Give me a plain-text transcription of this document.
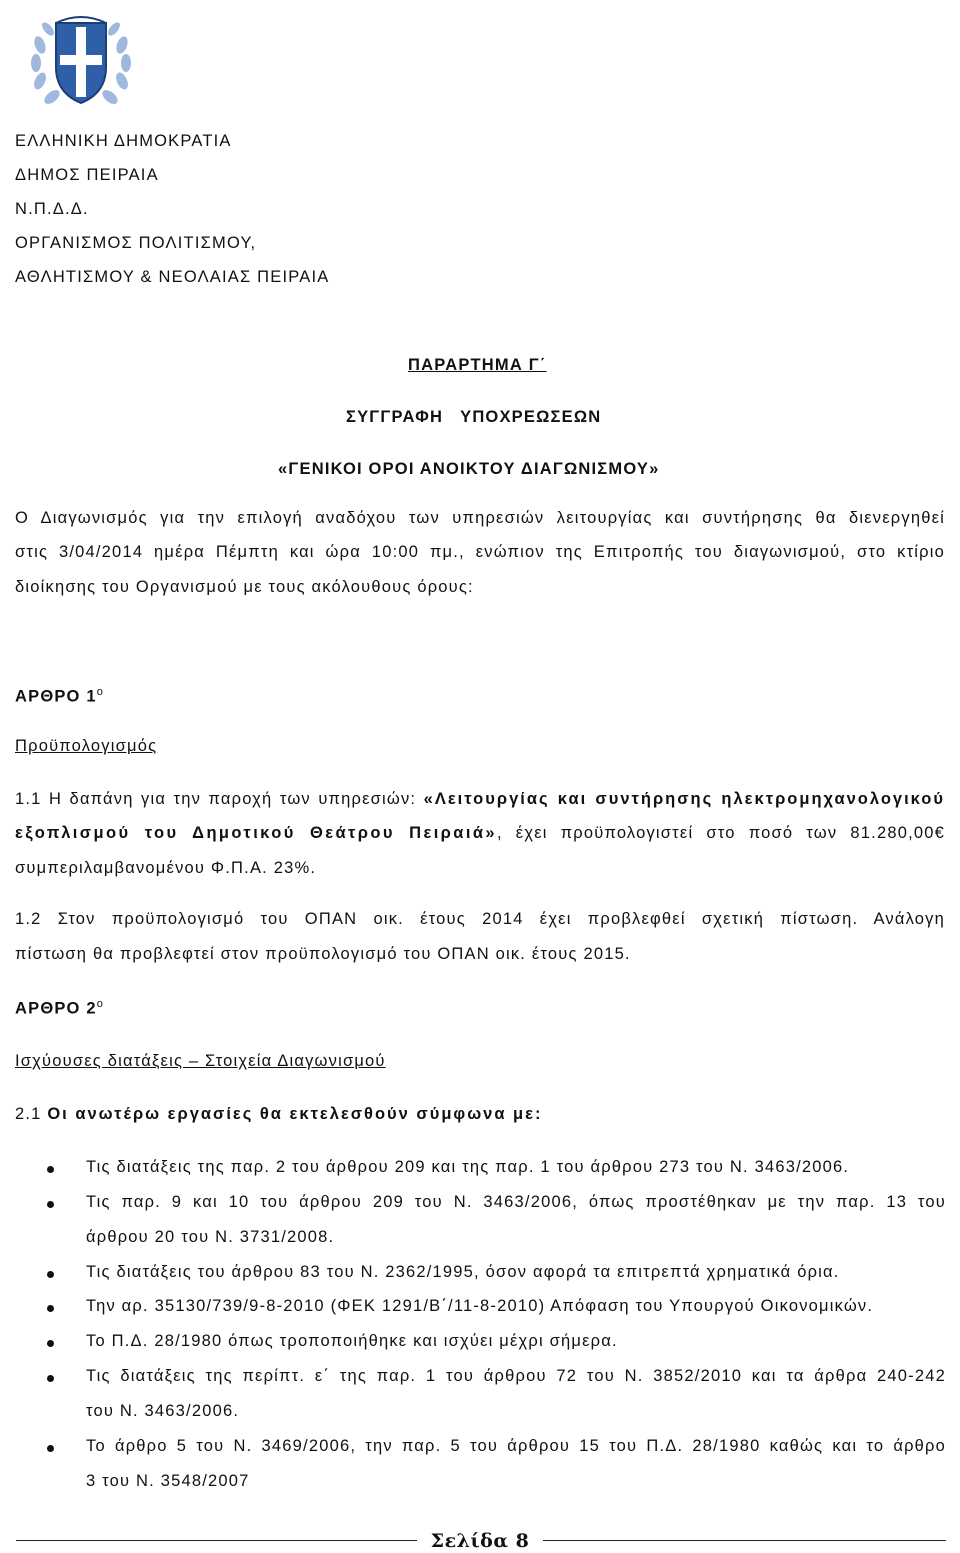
ΕΛΛΗΝΙΚΗ ΔΗΜΟΚΡΑΤΙΑ
ΔΗΜΟΣ ΠΕΙΡΑΙΑ
Ν.Π.Δ.Δ.
ΟΡΓΑΝΙΣΜΟΣ ΠΟΛΙΤΙΣΜΟΥ,
ΑΘΛΗΤΙΣΜΟΥ & ΝΕΟΛΑΙΑΣ ΠΕΙΡΑΙΑ
ΠΑΡΑΡΤΗΜΑ Γ΄
ΣΥΓΓΡΑΦΗ   ΥΠΟΧΡΕΩΣΕΩΝ
«ΓΕΝΙΚΟΙ ΟΡΟΙ ΑΝΟΙΚΤΟΥ ΔΙΑΓΩΝΙΣΜΟΥ»
Ο Διαγωνισμός για την επιλογή αναδόχου των υπηρεσιών λειτουργίας και συντήρησης θα διενεργηθεί
στις 3/04/2014 ημέρα Πέμπτη και ώρα 10:00 πμ., ενώπιον της Επιτροπής του διαγωνισμού, στο κτίριο
διοίκησης του Οργανισμού με τους ακόλουθους όρους:
ΑΡΘΡΟ $1^o$
Προϋπολογισμός
1.1 Η δαπάνη για την παροχή των υπηρεσιών: «Λειτουργίας και συντήρησης ηλεκτρομηχανολογικού
εξοπλισμού του Δημοτικού Θεάτρου Πειραιά», έχει προϋπολογιστεί στο ποσό των 81.280,00€
συμπεριλαμβανομένου Φ.Π.Α. 23%.
1.2 Στον προϋπολογισμό του ΟΠΑΝ οικ. έτους 2014 έχει προβλεφθεί σχετική πίστωση. Ανάλογη
πίστωση θα προβλεφτεί στον προϋπολογισμό του ΟΠΑΝ οικ. έτους 2015.
ΑΡΘΡΟ $2^o$
Ισχύουσες διατάξεις – Στοιχεία Διαγωνισμού
2.1 Οι ανωτέρω εργασίες θα εκτελεσθούν σύμφωνα με:
Τις διατάξεις της παρ. 2 του άρθρου 209 και της παρ. 1 του άρθρου 273 του Ν. 3463/2006.
Τις παρ. 9 και 10 του άρθρου 209 του Ν. 3463/2006, όπως προστέθηκαν με την παρ. 13 του
άρθρου 20 του Ν. 3731/2008.
Τις διατάξεις του άρθρου 83 του Ν. 2362/1995, όσον αφορά τα επιτρεπτά χρηματικά όρια.
Την αρ. 35130/739/9-8-2010 (ΦΕΚ 1291/Β΄/11-8-2010) Απόφαση του Υπουργού Οικονομικών.
Το Π.Δ. 28/1980 όπως τροποποιήθηκε και ισχύει μέχρι σήμερα.
Τις διατάξεις της περίπτ. ε΄ της παρ. 1 του άρθρου 72 του Ν. 3852/2010 και τα άρθρα 240-242
του Ν. 3463/2006.
Το άρθρο 5 του Ν. 3469/2006, την παρ. 5 του άρθρου 15 του Π.Δ. 28/1980 καθώς και το άρθρο
3 του Ν. 3548/2007
Σελίδα 8
